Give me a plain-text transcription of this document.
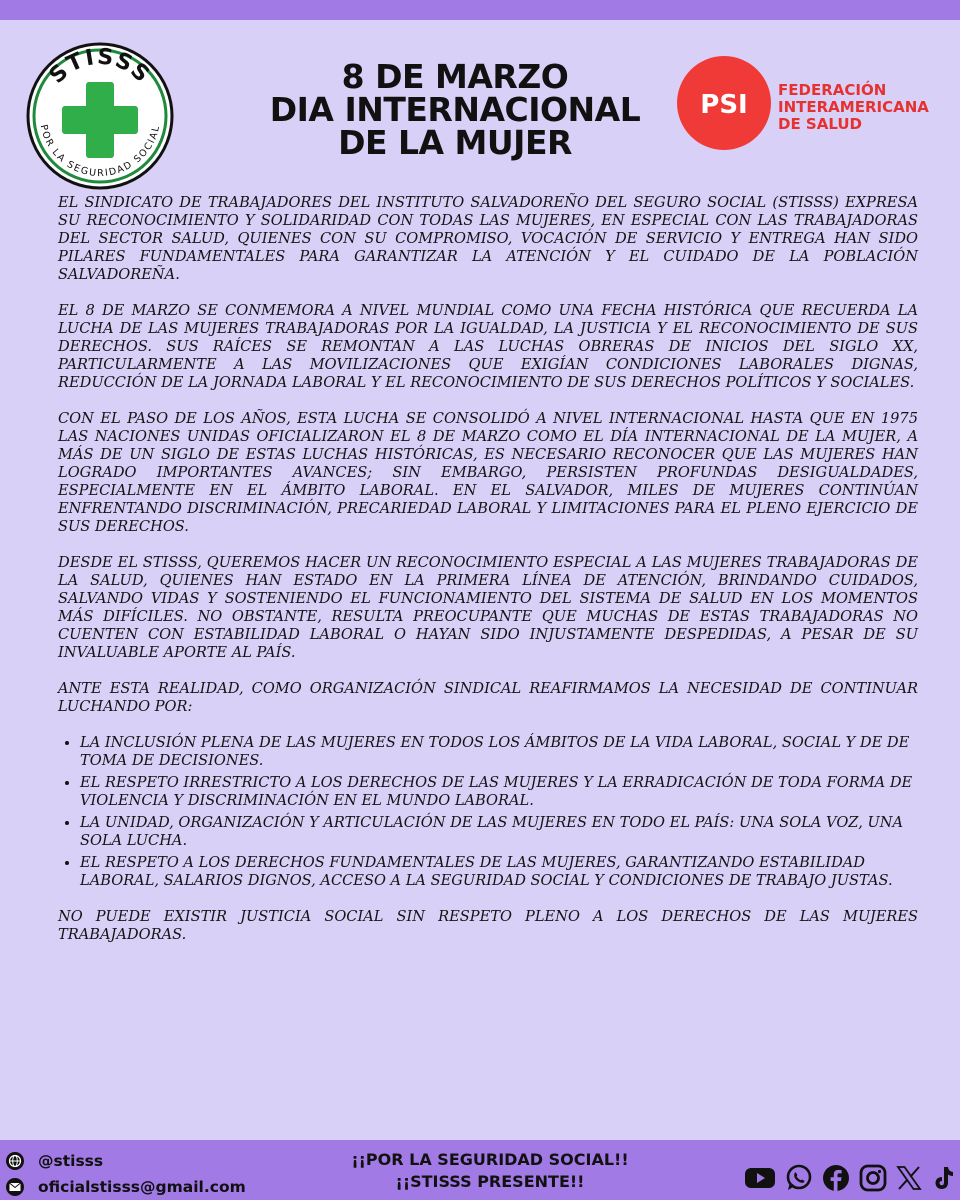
STISSS
POR LA SEGURIDAD SOCIAL
8 DE MARZO
DIA INTERNACIONAL
DE LA MUJER
PSI FEDERACIÓN
INTERAMERICANA
DE SALUD

EL SINDICATO DE TRABAJADORES DEL INSTITUTO SALVADOREÑO DEL SEGURO SOCIAL (STISSS) EXPRESA SU RECONOCIMIENTO Y SOLIDARIDAD CON TODAS LAS MUJERES, EN ESPECIAL CON LAS TRABAJADORAS DEL SECTOR SALUD, QUIENES CON SU COMPROMISO, VOCACIÓN DE SERVICIO Y ENTREGA HAN SIDO PILARES FUNDAMENTALES PARA GARANTIZAR LA ATENCIÓN Y EL CUIDADO DE LA POBLACIÓN SALVADOREÑA.

EL 8 DE MARZO SE CONMEMORA A NIVEL MUNDIAL COMO UNA FECHA HISTÓRICA QUE RECUERDA LA LUCHA DE LAS MUJERES TRABAJADORAS POR LA IGUALDAD, LA JUSTICIA Y EL RECONOCIMIENTO DE SUS DERECHOS. SUS RAÍCES SE REMONTAN A LAS LUCHAS OBRERAS DE INICIOS DEL SIGLO XX, PARTICULARMENTE A LAS MOVILIZACIONES QUE EXIGÍAN CONDICIONES LABORALES DIGNAS, REDUCCIÓN DE LA JORNADA LABORAL Y EL RECONOCIMIENTO DE SUS DERECHOS POLÍTICOS Y SOCIALES.

CON EL PASO DE LOS AÑOS, ESTA LUCHA SE CONSOLIDÓ A NIVEL INTERNACIONAL HASTA QUE EN 1975 LAS NACIONES UNIDAS OFICIALIZARON EL 8 DE MARZO COMO EL DÍA INTERNACIONAL DE LA MUJER, A MÁS DE UN SIGLO DE ESTAS LUCHAS HISTÓRICAS, ES NECESARIO RECONOCER QUE LAS MUJERES HAN LOGRADO IMPORTANTES AVANCES; SIN EMBARGO, PERSISTEN PROFUNDAS DESIGUALDADES, ESPECIALMENTE EN EL ÁMBITO LABORAL. EN EL SALVADOR, MILES DE MUJERES CONTINÚAN ENFRENTANDO DISCRIMINACIÓN, PRECARIEDAD LABORAL Y LIMITACIONES PARA EL PLENO EJERCICIO DE SUS DERECHOS.

DESDE EL STISSS, QUEREMOS HACER UN RECONOCIMIENTO ESPECIAL A LAS MUJERES TRABAJADORAS DE LA SALUD, QUIENES HAN ESTADO EN LA PRIMERA LÍNEA DE ATENCIÓN, BRINDANDO CUIDADOS, SALVANDO VIDAS Y SOSTENIENDO EL FUNCIONAMIENTO DEL SISTEMA DE SALUD EN LOS MOMENTOS MÁS DIFÍCILES. NO OBSTANTE, RESULTA PREOCUPANTE QUE MUCHAS DE ESTAS TRABAJADORAS NO CUENTEN CON ESTABILIDAD LABORAL O HAYAN SIDO INJUSTAMENTE DESPEDIDAS, A PESAR DE SU INVALUABLE APORTE AL PAÍS.

ANTE ESTA REALIDAD, COMO ORGANIZACIÓN SINDICAL REAFIRMAMOS LA NECESIDAD DE CONTINUAR LUCHANDO POR:

• LA INCLUSIÓN PLENA DE LAS MUJERES EN TODOS LOS ÁMBITOS DE LA VIDA LABORAL, SOCIAL Y DE DE TOMA DE DECISIONES.
• EL RESPETO IRRESTRICTO A LOS DERECHOS DE LAS MUJERES Y LA ERRADICACIÓN DE TODA FORMA DE VIOLENCIA Y DISCRIMINACIÓN EN EL MUNDO LABORAL.
• LA UNIDAD, ORGANIZACIÓN Y ARTICULACIÓN DE LAS MUJERES EN TODO EL PAÍS: UNA SOLA VOZ, UNA SOLA LUCHA.
• EL RESPETO A LOS DERECHOS FUNDAMENTALES DE LAS MUJERES, GARANTIZANDO ESTABILIDAD LABORAL, SALARIOS DIGNOS, ACCESO A LA SEGURIDAD SOCIAL Y CONDICIONES DE TRABAJO JUSTAS.

NO PUEDE EXISTIR JUSTICIA SOCIAL SIN RESPETO PLENO A LOS DERECHOS DE LAS MUJERES TRABAJADORAS.

@stisss
oficialstisss@gmail.com
¡¡POR LA SEGURIDAD SOCIAL!!
¡¡STISSS PRESENTE!!
